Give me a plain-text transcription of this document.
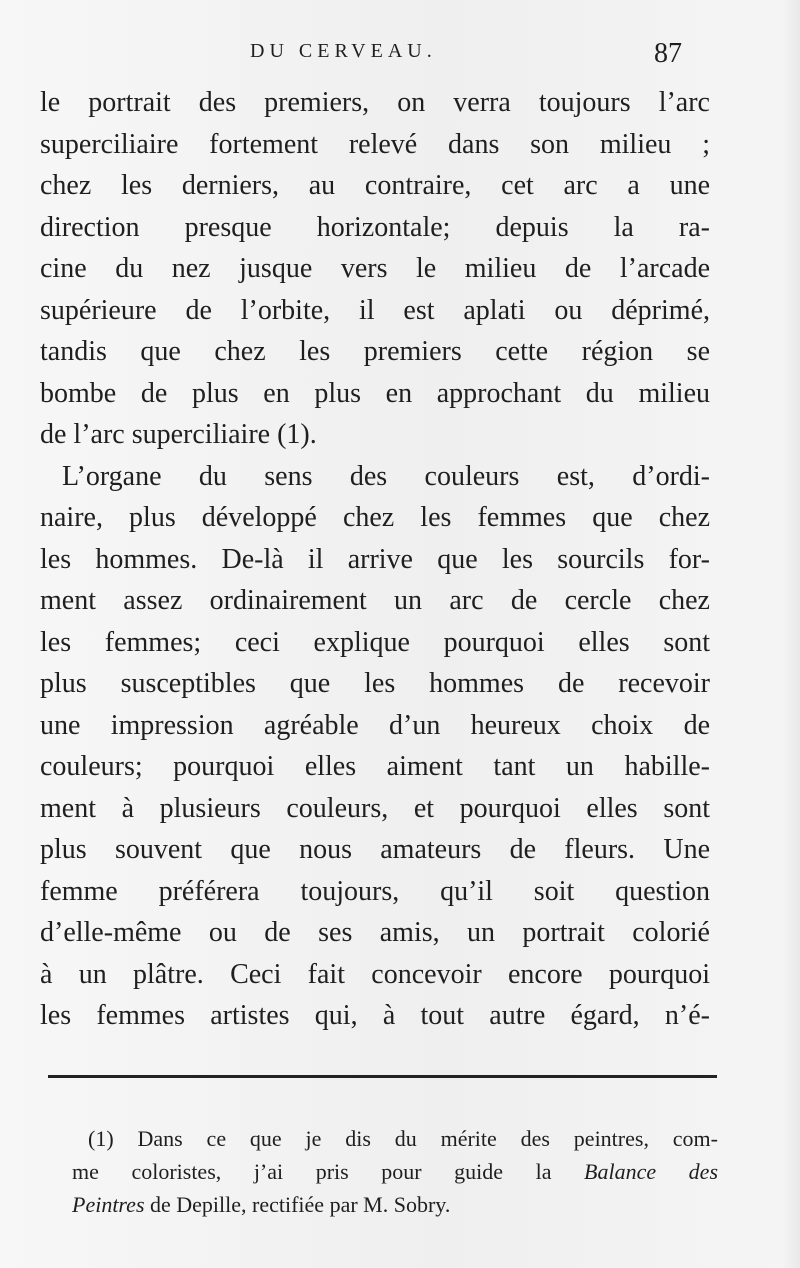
DU CERVEAU.	87
le portrait des premiers, on verra toujours l’arc
superciliaire fortement relevé dans son milieu ;
chez les derniers, au contraire, cet arc a une
direction presque horizontale; depuis la ra-
cine du nez jusque vers le milieu de l’arcade
supérieure de l’orbite, il est aplati ou déprimé,
tandis que chez les premiers cette région se
bombe de plus en plus en approchant du milieu
de l’arc superciliaire (1).
L’organe du sens des couleurs est, d’ordi-
naire, plus développé chez les femmes que chez
les hommes. De-là il arrive que les sourcils for-
ment assez ordinairement un arc de cercle chez
les femmes; ceci explique pourquoi elles sont
plus susceptibles que les hommes de recevoir
une impression agréable d’un heureux choix de
couleurs; pourquoi elles aiment tant un habille-
ment à plusieurs couleurs, et pourquoi elles sont
plus souvent que nous amateurs de fleurs. Une
femme préférera toujours, qu’il soit question
d’elle-même ou de ses amis, un portrait colorié
à un plâtre. Ceci fait concevoir encore pourquoi
les femmes artistes qui, à tout autre égard, n’é-
(1) Dans ce que je dis du mérite des peintres, com-
me coloristes, j’ai pris pour guide la Balance des
Peintres de Depille, rectifiée par M. Sobry.
